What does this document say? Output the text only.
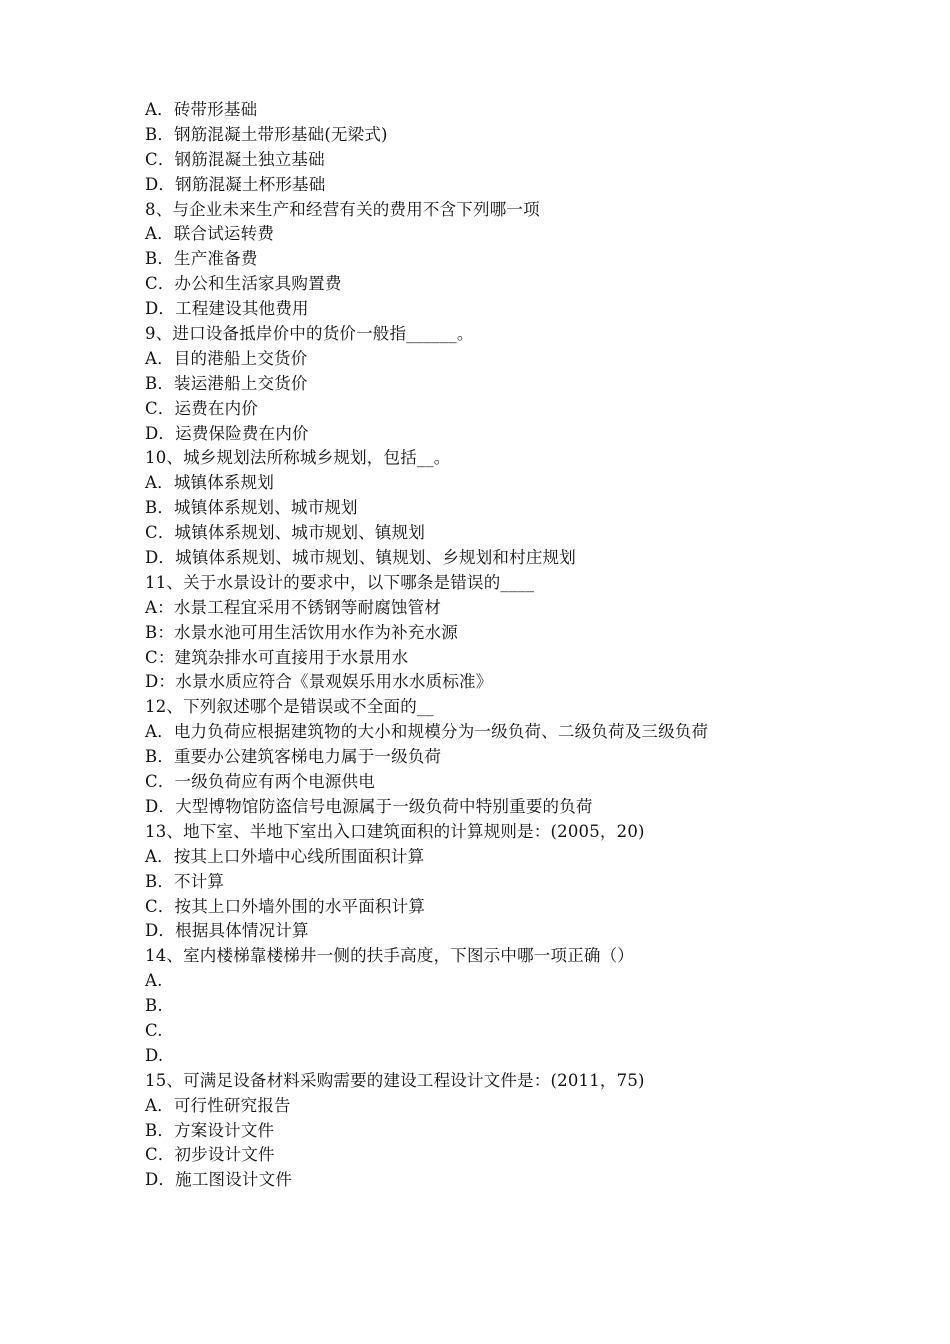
A．砖带形基础
B．钢筋混凝土带形基础(无梁式)
C．钢筋混凝土独立基础
D．钢筋混凝土杯形基础
8、与企业未来生产和经营有关的费用不含下列哪一项
A．联合试运转费
B．生产准备费
C．办公和生活家具购置费
D．工程建设其他费用
9、进口设备抵岸价中的货价一般指______。
A．目的港船上交货价
B．装运港船上交货价
C．运费在内价
D．运费保险费在内价
10、城乡规划法所称城乡规划，包括__。
A．城镇体系规划
B．城镇体系规划、城市规划
C．城镇体系规划、城市规划、镇规划
D．城镇体系规划、城市规划、镇规划、乡规划和村庄规划
11、关于水景设计的要求中，以下哪条是错误的____
A：水景工程宜采用不锈钢等耐腐蚀管材
B：水景水池可用生活饮用水作为补充水源
C：建筑杂排水可直接用于水景用水
D：水景水质应符合《景观娱乐用水水质标准》
12、下列叙述哪个是错误或不全面的__
A．电力负荷应根据建筑物的大小和规模分为一级负荷、二级负荷及三级负荷
B．重要办公建筑客梯电力属于一级负荷
C．一级负荷应有两个电源供电
D．大型博物馆防盗信号电源属于一级负荷中特别重要的负荷
13、地下室、半地下室出入口建筑面积的计算规则是：(2005，20)
A．按其上口外墙中心线所围面积计算
B．不计算
C．按其上口外墙外围的水平面积计算
D．根据具体情况计算
14、室内楼梯靠楼梯井一侧的扶手高度，下图示中哪一项正确（）
A.
B.
C.
D.
15、可满足设备材料采购需要的建设工程设计文件是：(2011，75)
A．可行性研究报告
B．方案设计文件
C．初步设计文件
D．施工图设计文件
